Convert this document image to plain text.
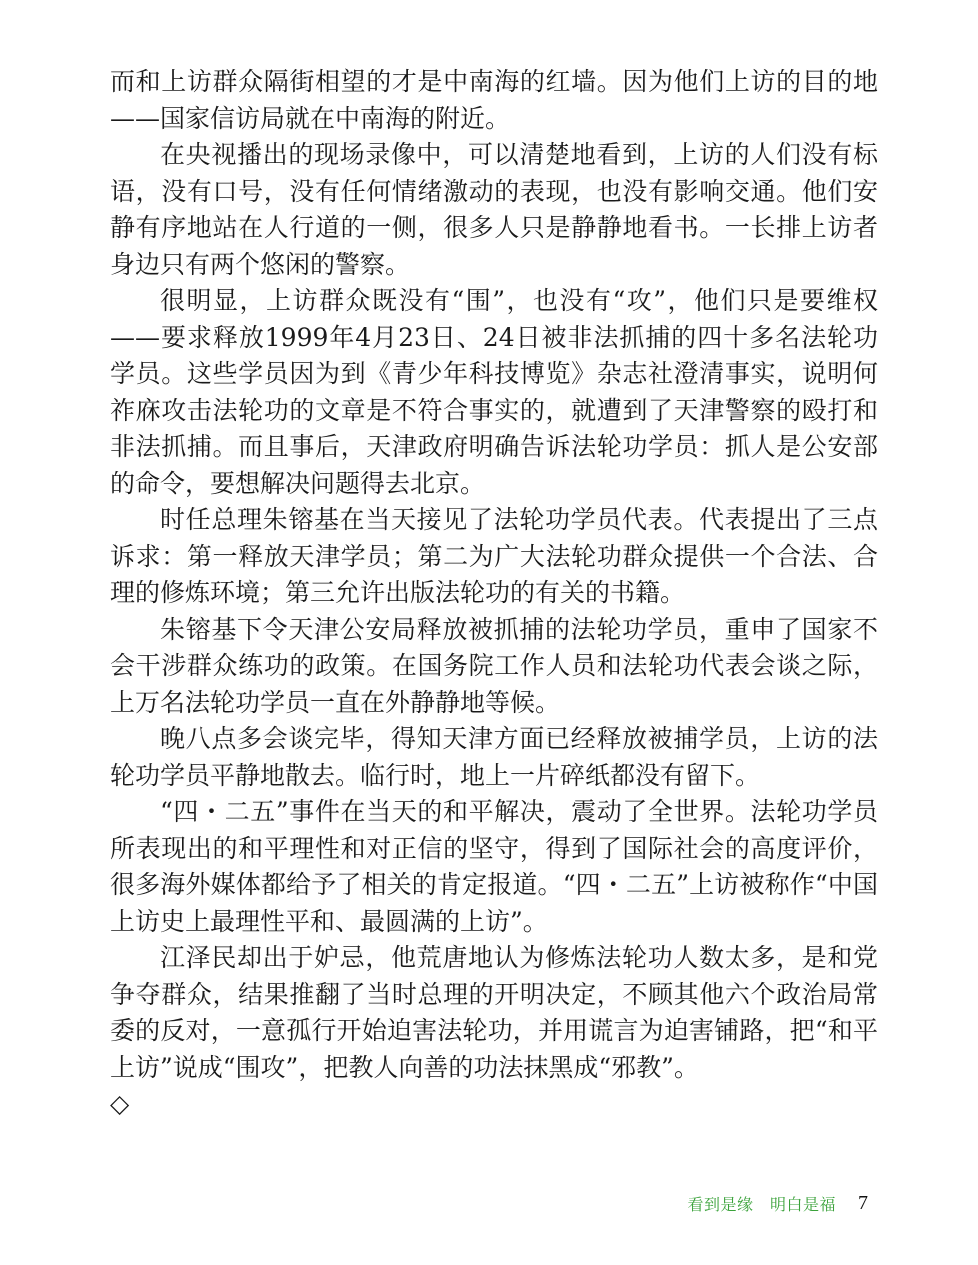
而和上访群众隔街相望的才是中南海的红墙。因为他们上访的目的地——国家信访局就在中南海的附近。

在央视播出的现场录像中，可以清楚地看到，上访的人们没有标语，没有口号，没有任何情绪激动的表现，也没有影响交通。他们安静有序地站在人行道的一侧，很多人只是静静地看书。一长排上访者身边只有两个悠闲的警察。

很明显，上访群众既没有“围”，也没有“攻”，他们只是要维权——要求释放1999年4月23日、24日被非法抓捕的四十多名法轮功学员。这些学员因为到《青少年科技博览》杂志社澄清事实，说明何祚庥攻击法轮功的文章是不符合事实的，就遭到了天津警察的殴打和非法抓捕。而且事后，天津政府明确告诉法轮功学员：抓人是公安部的命令，要想解决问题得去北京。

时任总理朱镕基在当天接见了法轮功学员代表。代表提出了三点诉求：第一释放天津学员；第二为广大法轮功群众提供一个合法、合理的修炼环境；第三允许出版法轮功的有关的书籍。

朱镕基下令天津公安局释放被抓捕的法轮功学员，重申了国家不会干涉群众练功的政策。在国务院工作人员和法轮功代表会谈之际，上万名法轮功学员一直在外静静地等候。

晚八点多会谈完毕，得知天津方面已经释放被捕学员，上访的法轮功学员平静地散去。临行时，地上一片碎纸都没有留下。

“四・二五”事件在当天的和平解决，震动了全世界。法轮功学员所表现出的和平理性和对正信的坚守，得到了国际社会的高度评价，很多海外媒体都给予了相关的肯定报道。“四・二五”上访被称作“中国上访史上最理性平和、最圆满的上访”。

江泽民却出于妒忌，他荒唐地认为修炼法轮功人数太多，是和党争夺群众，结果推翻了当时总理的开明决定，不顾其他六个政治局常委的反对，一意孤行开始迫害法轮功，并用谎言为迫害铺路，把“和平上访”说成“围攻”，把教人向善的功法抹黑成“邪教”。

◇

看到是缘　明白是福 7
